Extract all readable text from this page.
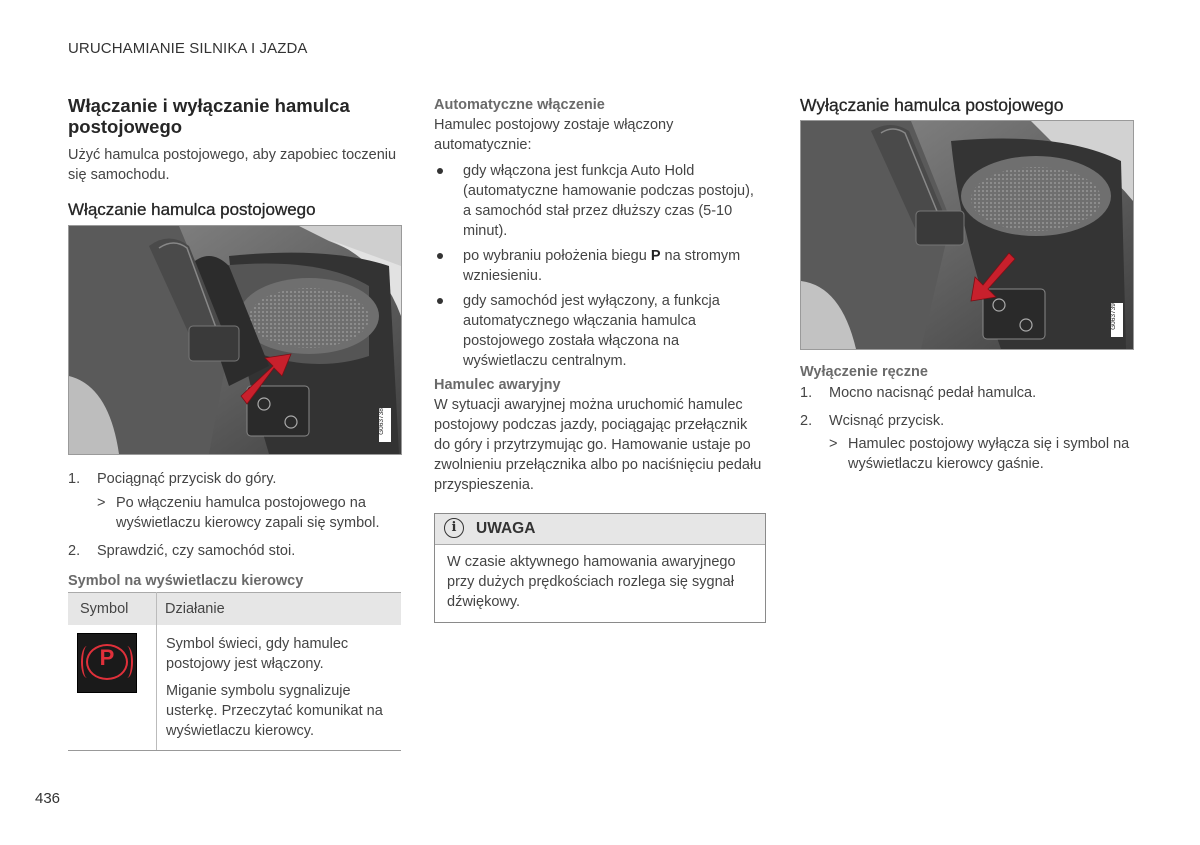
URUCHAMIANIE SILNIKA I JAZDA
Włączanie i wyłączanie hamulca postojowego

Użyć hamulca postojowego, aby zapobiec toczeniu się samochodu.

Włączanie hamulca postojowego
G063738
1. Pociągnąć przycisk do góry.
> Po włączeniu hamulca postojowego na wyświetlaczu kierowcy zapali się symbol.
2. Sprawdzić, czy samochód stoi.
Symbol na wyświetlaczu kierowcy
Symbol	Działanie

P	Symbol świeci, gdy hamulec postojowy jest włączony.
Miganie symbolu sygnalizuje usterkę. Przeczytać komunikat na wyświetlaczu kierowcy.
Automatyczne włączenie

Hamulec postojowy zostaje włączony automatycznie:

gdy włączona jest funkcja Auto Hold (automatyczne hamowanie podczas postoju), a samochód stał przez dłuższy czas (5-10 minut).
po wybraniu położenia biegu P na stromym wzniesieniu.
gdy samochód jest wyłączony, a funkcja automatycznego włączania hamulca postojowego została włączona na wyświetlaczu centralnym.
Hamulec awaryjny

W sytuacji awaryjnej można uruchomić hamulec postojowy podczas jazdy, pociągając przełącznik do góry i przytrzymując go. Hamowanie ustaje po zwolnieniu przełącznika albo po naciśnięciu pedału przyspieszenia.

i	UWAGA

W czasie aktywnego hamowania awaryjnego przy dużych prędkościach rozlega się sygnał dźwiękowy.

Wyłączanie hamulca postojowego
G063739
Wyłączenie ręczne
1. Mocno nacisnąć pedał hamulca.
2. Wcisnąć przycisk.
> Hamulec postojowy wyłącza się i symbol na wyświetlaczu kierowcy gaśnie.
436
